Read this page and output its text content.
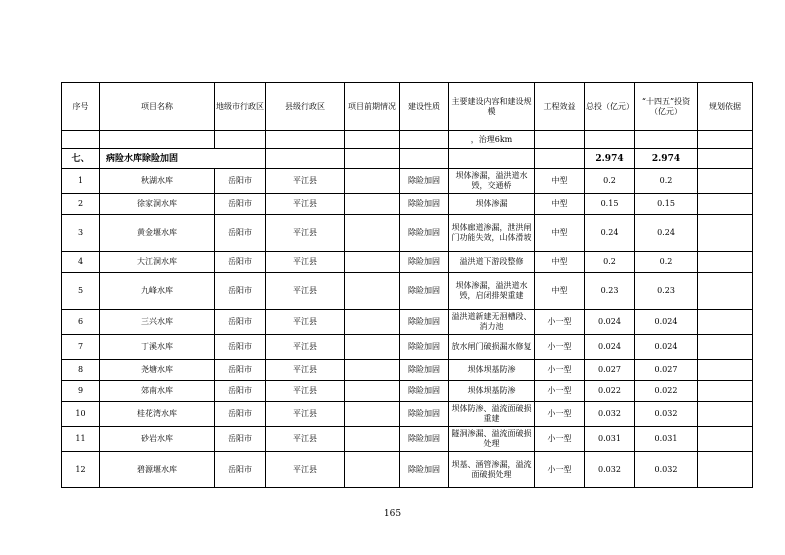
序号	项目名称	地级市行政区	县级行政区	项目前期情况	建设性质	主要建设内容和建设规模	工程效益	总投（亿元）	“十四五”投资（亿元）	规划依据
						，治理6km				
七、	病险水库除险加固							2.974	2.974	
1	秋湖水库	岳阳市	平江县		除险加固	坝体渗漏，溢洪道水毁，交通桥	中型	0.2	0.2	
2	徐家洞水库	岳阳市	平江县		除险加固	坝体渗漏	中型	0.15	0.15	
3	黄金堰水库	岳阳市	平江县		除险加固	坝体廊道渗漏，泄洪闸门功能失效，山体滑坡	中型	0.24	0.24	
4	大江洞水库	岳阳市	平江县		除险加固	溢洪道下游段整修	中型	0.2	0.2	
5	九峰水库	岳阳市	平江县		除险加固	坝体渗漏，溢洪道水毁，启闭排架重建	中型	0.23	0.23	
6	三兴水库	岳阳市	平江县		除险加固	溢洪道新建无洄槽段、消力池	小一型	0.024	0.024	
7	丁溪水库	岳阳市	平江县		除险加固	放水闸门破损漏水修复	小一型	0.024	0.024	
8	尧塘水库	岳阳市	平江县		除险加固	坝体坝基防渗	小一型	0.027	0.027	
9	郊南水库	岳阳市	平江县		除险加固	坝体坝基防渗	小一型	0.022	0.022	
10	桂花湾水库	岳阳市	平江县		除险加固	坝体防渗、溢流面破损重建	小一型	0.032	0.032	
11	砂岩水库	岳阳市	平江县		除险加固	隧洞渗漏、溢流面破损处理	小一型	0.031	0.031	
12	碧源堰水库	岳阳市	平江县		除险加固	坝基、涵管渗漏，溢流面破损处理	小一型	0.032	0.032	
165
